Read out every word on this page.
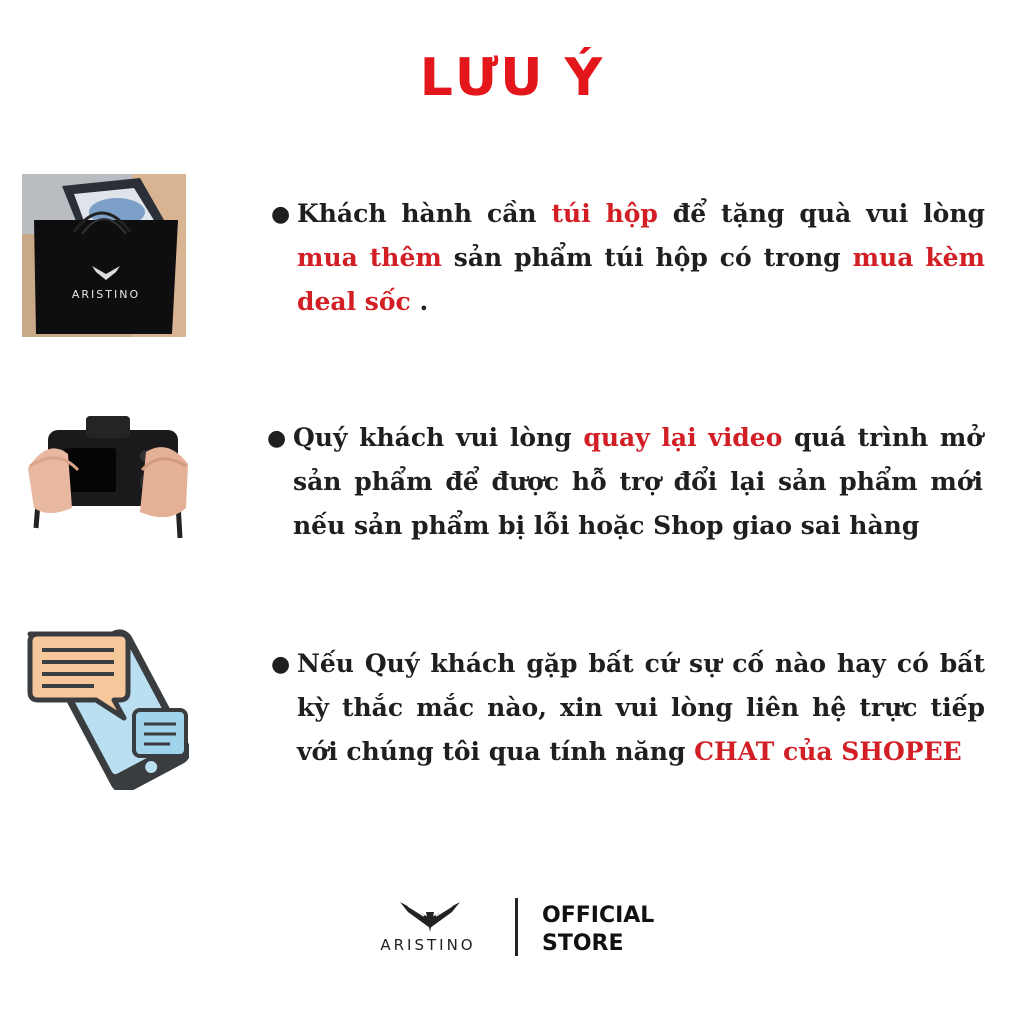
LƯU Ý
ARISTINO
● Khách hành cần túi hộp để tặng quà vui lòng mua thêm sản phẩm túi hộp có trong mua kèm deal sốc .
● Quý khách vui lòng quay lại video quá trình mở sản phẩm để được hỗ trợ đổi lại sản phẩm mới nếu sản phẩm bị lỗi hoặc Shop giao sai hàng
● Nếu Quý khách gặp bất cứ sự cố nào hay có bất kỳ thắc mắc nào, xin vui lòng liên hệ trực tiếp với chúng tôi qua tính năng CHAT của SHOPEE
ARISTINO
OFFICIAL
STORE
